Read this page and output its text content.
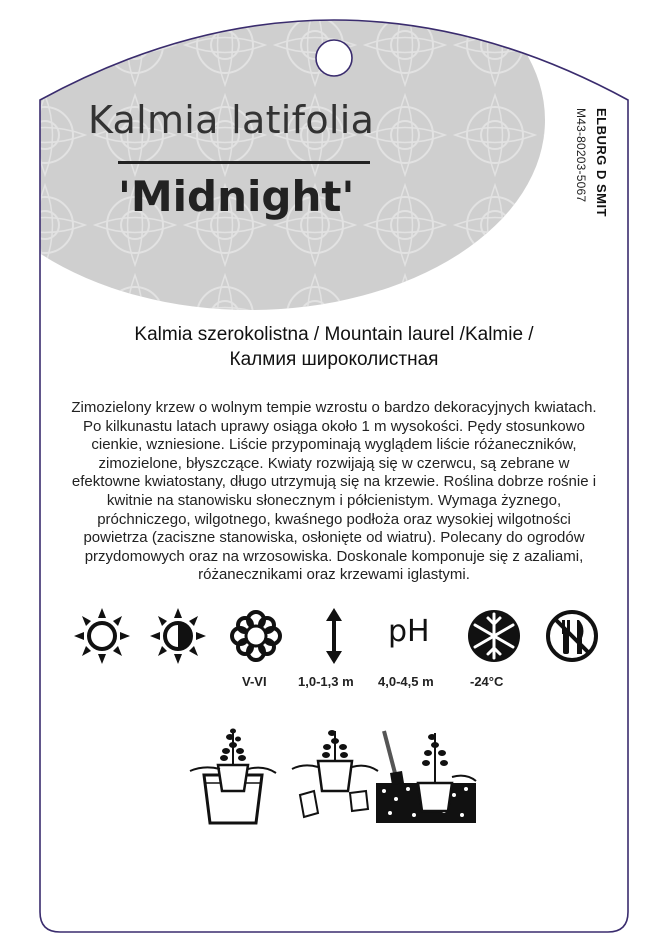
Kalmia latifolia
'Midnight'	ELBURG D SMIT
M43-80203-5067
Kalmia szerokolistna / Mountain laurel /Kalmie /
Калмия широколистная
Zimozielony krzew o wolnym tempie wzrostu o bardzo dekoracyjnych kwiatach. Po kilkunastu latach uprawy osiąga około 1 m wysokości. Pędy stosunkowo cienkie, wzniesione. Liście przypominają wyglądem liście różaneczników, zimozielone, błyszczące. Kwiaty rozwijają się w czerwcu, są zebrane w efektowne kwiatostany, długo utrzymują się na krzewie. Roślina dobrze rośnie i kwitnie na stanowisku słonecznym i półcienistym. Wymaga żyznego, próchniczego, wilgotnego, kwaśnego podłoża oraz wysokiej wilgotności powietrza (zaciszne stanowiska, osłonięte od wiatru). Polecany do ogrodów przydomowych oraz na wrzosowiska. Doskonale komponuje się z azaliami, różanecznikami oraz krzewami iglastymi.
pH
V-VI 1,0-1,3 m 4,0-4,5 m	-24°C
